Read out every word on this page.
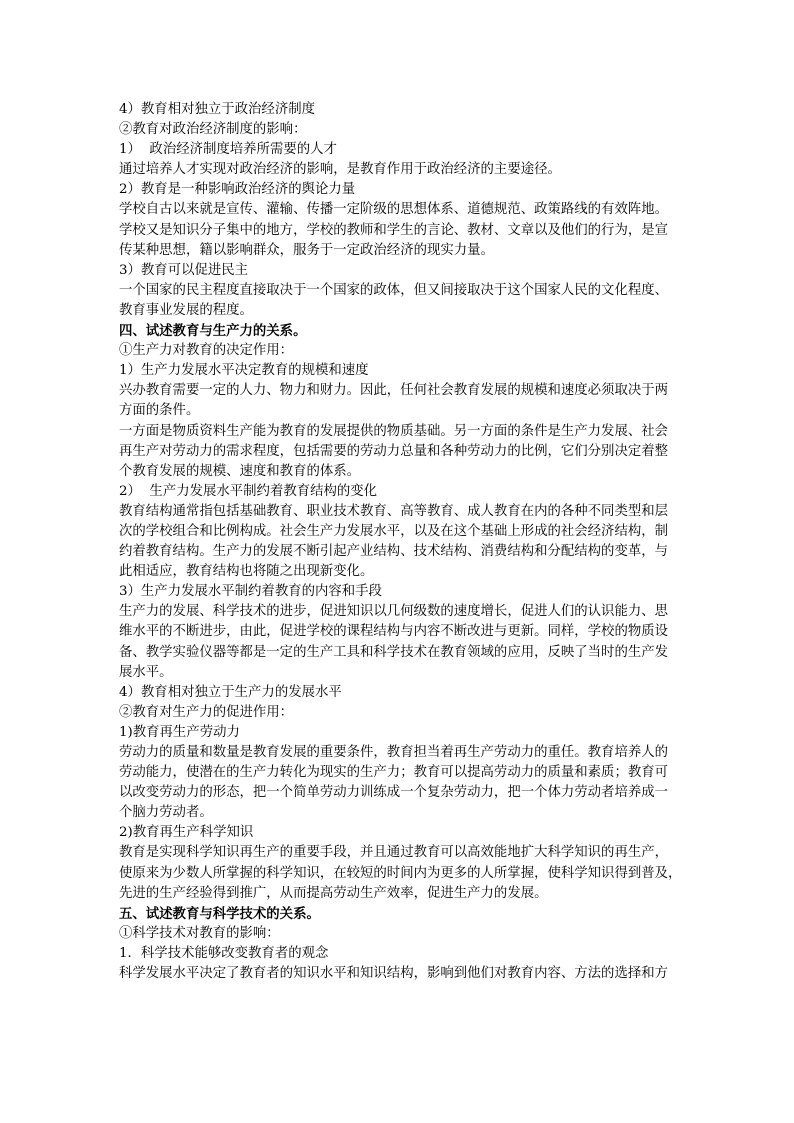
4）教育相对独立于政治经济制度
②教育对政治经济制度的影响：
1）  政治经济制度培养所需要的人才
通过培养人才实现对政治经济的影响，是教育作用于政治经济的主要途径。
2）教育是一种影响政治经济的舆论力量
学校自古以来就是宣传、灌输、传播一定阶级的思想体系、道德规范、政策路线的有效阵地。
学校又是知识分子集中的地方，学校的教师和学生的言论、教材、文章以及他们的行为，是宣
传某种思想，籍以影响群众，服务于一定政治经济的现实力量。
3）教育可以促进民主
一个国家的民主程度直接取决于一个国家的政体，但又间接取决于这个国家人民的文化程度、
教育事业发展的程度。
四、试述教育与生产力的关系。
①生产力对教育的决定作用：
1）生产力发展水平决定教育的规模和速度
兴办教育需要一定的人力、物力和财力。因此，任何社会教育发展的规模和速度必须取决于两
方面的条件。
一方面是物质资料生产能为教育的发展提供的物质基础。另一方面的条件是生产力发展、社会
再生产对劳动力的需求程度，包括需要的劳动力总量和各种劳动力的比例，它们分别决定着整
个教育发展的规模、速度和教育的体系。
2）  生产力发展水平制约着教育结构的变化
教育结构通常指包括基础教育、职业技术教育、高等教育、成人教育在内的各种不同类型和层
次的学校组合和比例构成。社会生产力发展水平，以及在这个基础上形成的社会经济结构，制
约着教育结构。生产力的发展不断引起产业结构、技术结构、消费结构和分配结构的变革，与
此相适应，教育结构也将随之出现新变化。
3）生产力发展水平制约着教育的内容和手段
生产力的发展、科学技术的进步，促进知识以几何级数的速度增长，促进人们的认识能力、思
维水平的不断进步，由此，促进学校的课程结构与内容不断改进与更新。同样，学校的物质设
备、教学实验仪器等都是一定的生产工具和科学技术在教育领域的应用，反映了当时的生产发
展水平。
4）教育相对独立于生产力的发展水平
②教育对生产力的促进作用：
1)教育再生产劳动力
劳动力的质量和数量是教育发展的重要条件，教育担当着再生产劳动力的重任。教育培养人的
劳动能力，使潜在的生产力转化为现实的生产力；教育可以提高劳动力的质量和素质；教育可
以改变劳动力的形态，把一个简单劳动力训练成一个复杂劳动力，把一个体力劳动者培养成一
个脑力劳动者。
2)教育再生产科学知识
教育是实现科学知识再生产的重要手段，并且通过教育可以高效能地扩大科学知识的再生产，
使原来为少数人所掌握的科学知识，在较短的时间内为更多的人所掌握，使科学知识得到普及，
先进的生产经验得到推广，从而提高劳动生产效率，促进生产力的发展。
五、试述教育与科学技术的关系。
①科学技术对教育的影响：
1．科学技术能够改变教育者的观念
科学发展水平决定了教育者的知识水平和知识结构，影响到他们对教育内容、方法的选择和方
